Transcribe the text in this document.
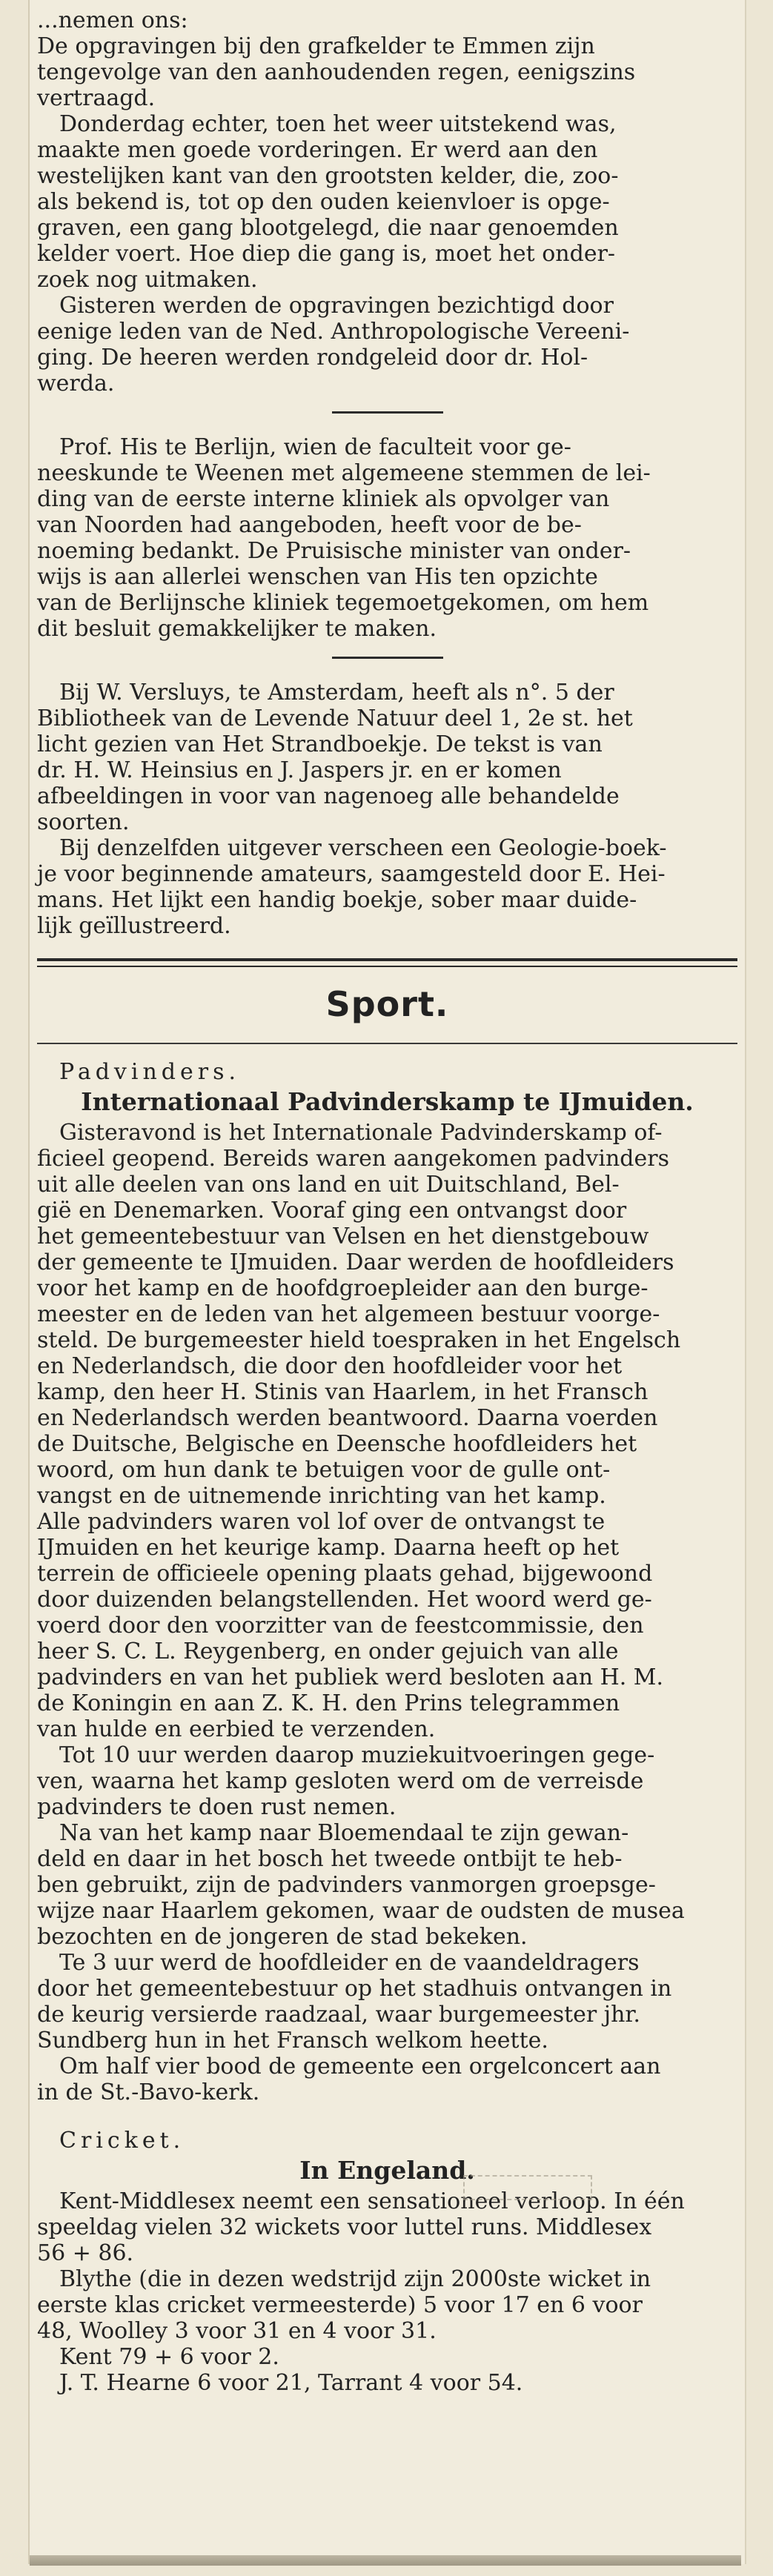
...nemen ons:
De opgravingen bij den grafkelder te Emmen zijn
tengevolge van den aanhoudenden regen, eenigszins
vertraagd.

Donderdag echter, toen het weer uitstekend was,
maakte men goede vorderingen. Er werd aan den
westelijken kant van den grootsten kelder, die, zoo-
als bekend is, tot op den ouden keienvloer is opge-
graven, een gang blootgelegd, die naar genoemden
kelder voert. Hoe diep die gang is, moet het onder-
zoek nog uitmaken.

Gisteren werden de opgravingen bezichtigd door
eenige leden van de Ned. Anthropologische Vereeni-
ging. De heeren werden rondgeleid door dr. Hol-
werda.

Prof. His te Berlijn, wien de faculteit voor ge-
neeskunde te Weenen met algemeene stemmen de lei-
ding van de eerste interne kliniek als opvolger van
van Noorden had aangeboden, heeft voor de be-
noeming bedankt. De Pruisische minister van onder-
wijs is aan allerlei wenschen van His ten opzichte
van de Berlijnsche kliniek tegemoetgekomen, om hem
dit besluit gemakkelijker te maken.

Bij W. Versluys, te Amsterdam, heeft als n°. 5 der
Bibliotheek van de Levende Natuur deel 1, 2e st. het
licht gezien van Het Strandboekje. De tekst is van
dr. H. W. Heinsius en J. Jaspers jr. en er komen
afbeeldingen in voor van nagenoeg alle behandelde
soorten.

Bij denzelfden uitgever verscheen een Geologie-boek-
je voor beginnende amateurs, saamgesteld door E. Hei-
mans. Het lijkt een handig boekje, sober maar duide-
lijk geïllustreerd.

Sport.
Padvinders.
Internationaal Padvinderskamp te IJmuiden.

Gisteravond is het Internationale Padvinderskamp of-
ficieel geopend. Bereids waren aangekomen padvinders
uit alle deelen van ons land en uit Duitschland, Bel-
gië en Denemarken. Vooraf ging een ontvangst door
het gemeentebestuur van Velsen en het dienstgebouw
der gemeente te IJmuiden. Daar werden de hoofdleiders
voor het kamp en de hoofdgroepleider aan den burge-
meester en de leden van het algemeen bestuur voorge-
steld. De burgemeester hield toespraken in het Engelsch
en Nederlandsch, die door den hoofdleider voor het
kamp, den heer H. Stinis van Haarlem, in het Fransch
en Nederlandsch werden beantwoord. Daarna voerden
de Duitsche, Belgische en Deensche hoofdleiders het
woord, om hun dank te betuigen voor de gulle ont-
vangst en de uitnemende inrichting van het kamp.
Alle padvinders waren vol lof over de ontvangst te
IJmuiden en het keurige kamp. Daarna heeft op het
terrein de officieele opening plaats gehad, bijgewoond
door duizenden belangstellenden. Het woord werd ge-
voerd door den voorzitter van de feestcommissie, den
heer S. C. L. Reygenberg, en onder gejuich van alle
padvinders en van het publiek werd besloten aan H. M.
de Koningin en aan Z. K. H. den Prins telegrammen
van hulde en eerbied te verzenden.

Tot 10 uur werden daarop muziekuitvoeringen gege-
ven, waarna het kamp gesloten werd om de verreisde
padvinders te doen rust nemen.

Na van het kamp naar Bloemendaal te zijn gewan-
deld en daar in het bosch het tweede ontbijt te heb-
ben gebruikt, zijn de padvinders vanmorgen groepsge-
wijze naar Haarlem gekomen, waar de oudsten de musea
bezochten en de jongeren de stad bekeken.

Te 3 uur werd de hoofdleider en de vaandeldragers
door het gemeentebestuur op het stadhuis ontvangen in
de keurig versierde raadzaal, waar burgemeester jhr.
Sundberg hun in het Fransch welkom heette.

Om half vier bood de gemeente een orgelconcert aan
in de St.-Bavo-kerk.

Cricket.
In Engeland.

Kent-Middlesex neemt een sensationeel verloop. In één
speeldag vielen 32 wickets voor luttel runs. Middlesex
56 + 86.

Blythe (die in dezen wedstrijd zijn 2000ste wicket in
eerste klas cricket vermeesterde) 5 voor 17 en 6 voor
48, Woolley 3 voor 31 en 4 voor 31.

Kent 79 + 6 voor 2.

J. T. Hearne 6 voor 21, Tarrant 4 voor 54.
